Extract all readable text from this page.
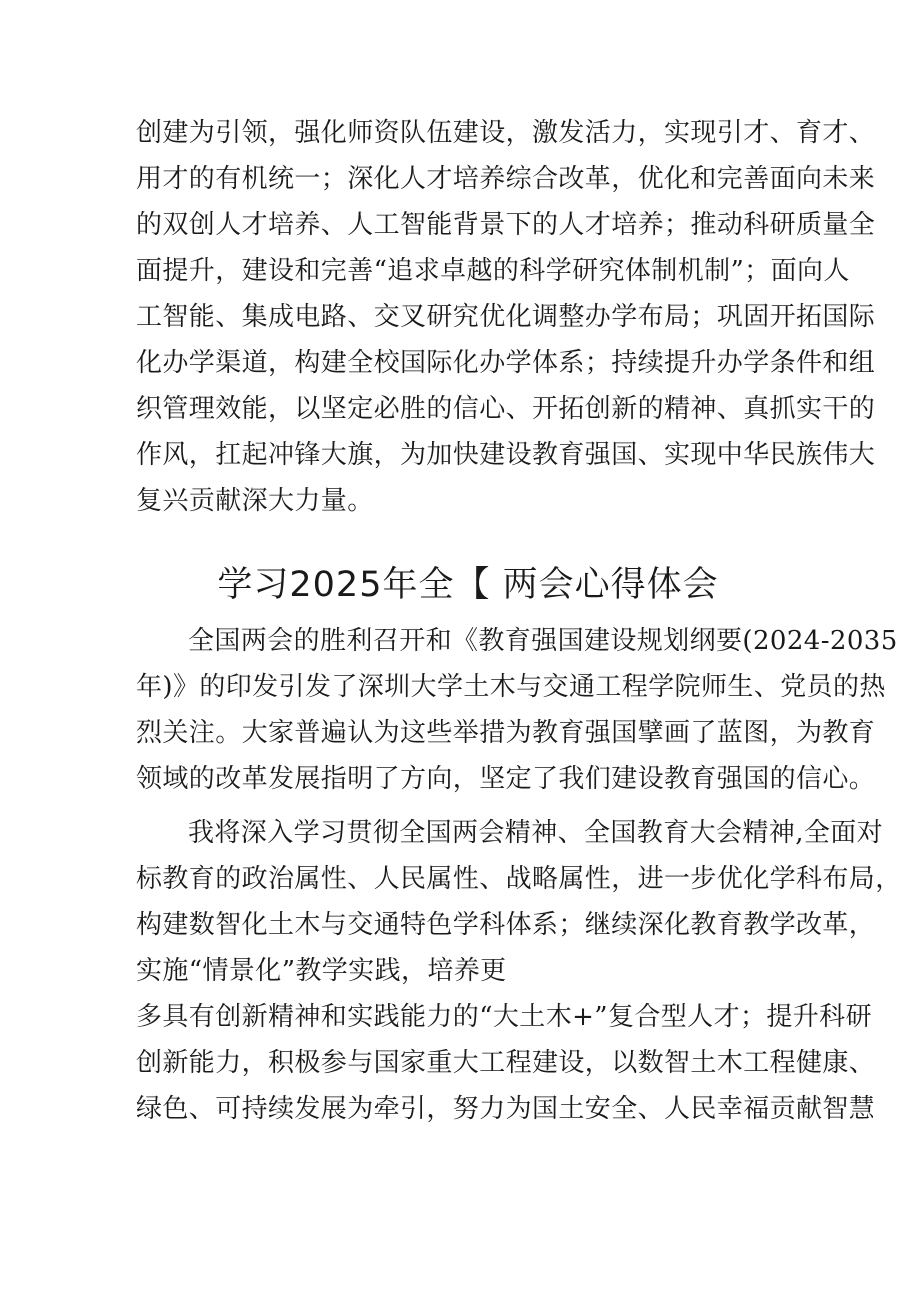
创建为引领，强化师资队伍建设，激发活力，实现引才、育才、
用才的有机统一；深化人才培养综合改革，优化和完善面向未来
的双创人才培养、人工智能背景下的人才培养；推动科研质量全
面提升，建设和完善“追求卓越的科学研究体制机制”；面向人
工智能、集成电路、交叉研究优化调整办学布局；巩固开拓国际
化办学渠道，构建全校国际化办学体系；持续提升办学条件和组
织管理效能，以坚定必胜的信心、开拓创新的精神、真抓实干的
作风，扛起冲锋大旗，为加快建设教育强国、实现中华民族伟大
复兴贡献深大力量。
学习2025年全【 两会心得体会
全国两会的胜利召开和《教育强国建设规划纲要(2024-2035
年)》的印发引发了深圳大学土木与交通工程学院师生、党员的热
烈关注。大家普遍认为这些举措为教育强国擘画了蓝图，为教育
领域的改革发展指明了方向，坚定了我们建设教育强国的信心。
我将深入学习贯彻全国两会精神、全国教育大会精神,全面对
标教育的政治属性、人民属性、战略属性，进一步优化学科布局，
构建数智化土木与交通特色学科体系；继续深化教育教学改革，
实施“情景化”教学实践，培养更
多具有创新精神和实践能力的“大土木+”复合型人才；提升科研
创新能力，积极参与国家重大工程建设，以数智土木工程健康、
绿色、可持续发展为牵引，努力为国土安全、人民幸福贡献智慧
